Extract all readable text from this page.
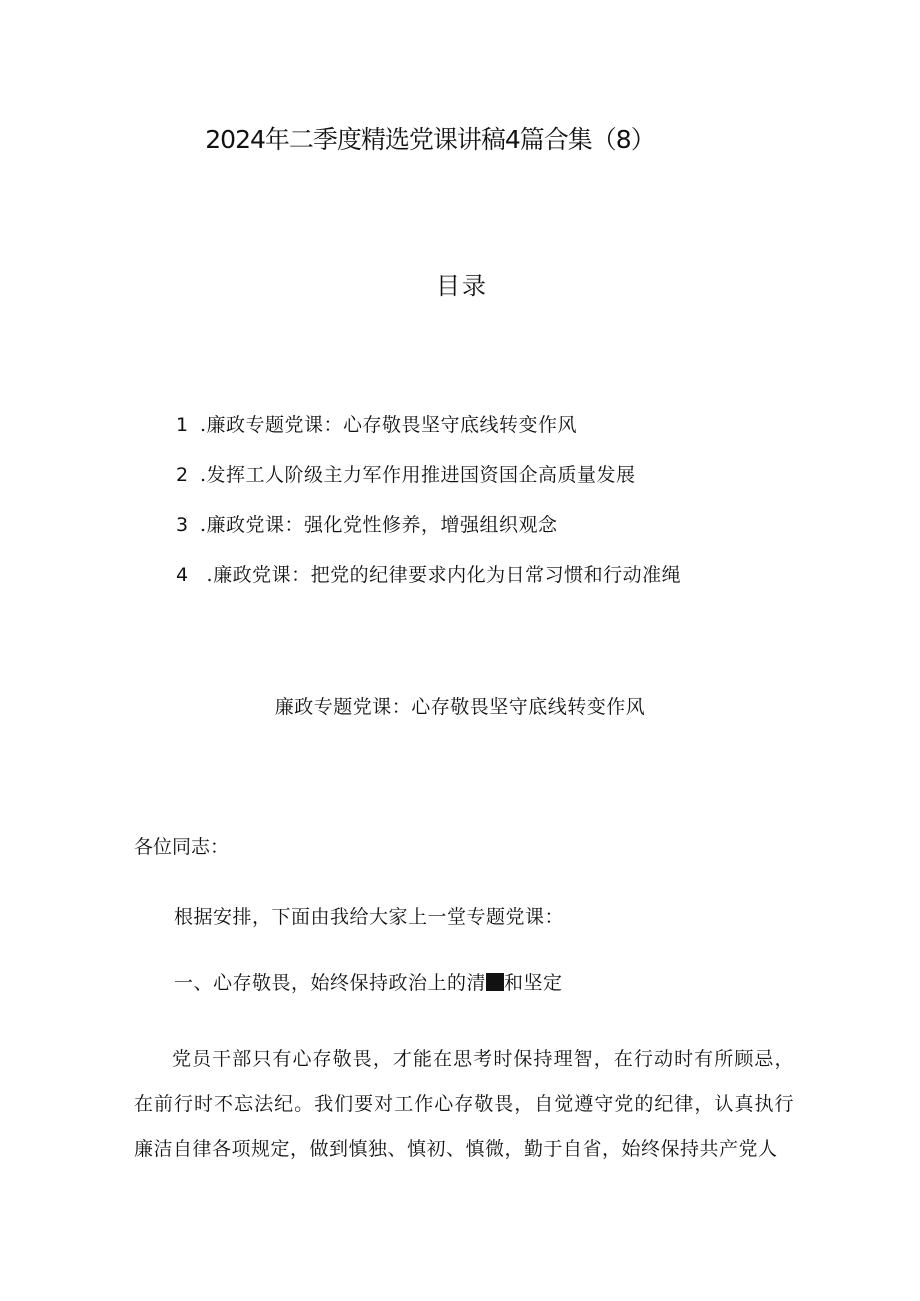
2024年二季度精选党课讲稿4篇合集（8）
目录
1 .廉政专题党课：心存敬畏坚守底线转变作风
2 .发挥工人阶级主力军作用推进国资国企高质量发展
3 .廉政党课：强化党性修养，增强组织观念
4 .廉政党课：把党的纪律要求内化为日常习惯和行动准绳
廉政专题党课：心存敬畏坚守底线转变作风
各位同志：
根据安排，下面由我给大家上一堂专题党课：
一、心存敬畏，始终保持政治上的清 和坚定
党员干部只有心存敬畏，才能在思考时保持理智，在行动时有所顾忌，在前行时不忘法纪。我们要对工作心存敬畏，自觉遵守党的纪律，认真执行廉洁自律各项规定，做到慎独、慎初、慎微，勤于自省，始终保持共产党人
